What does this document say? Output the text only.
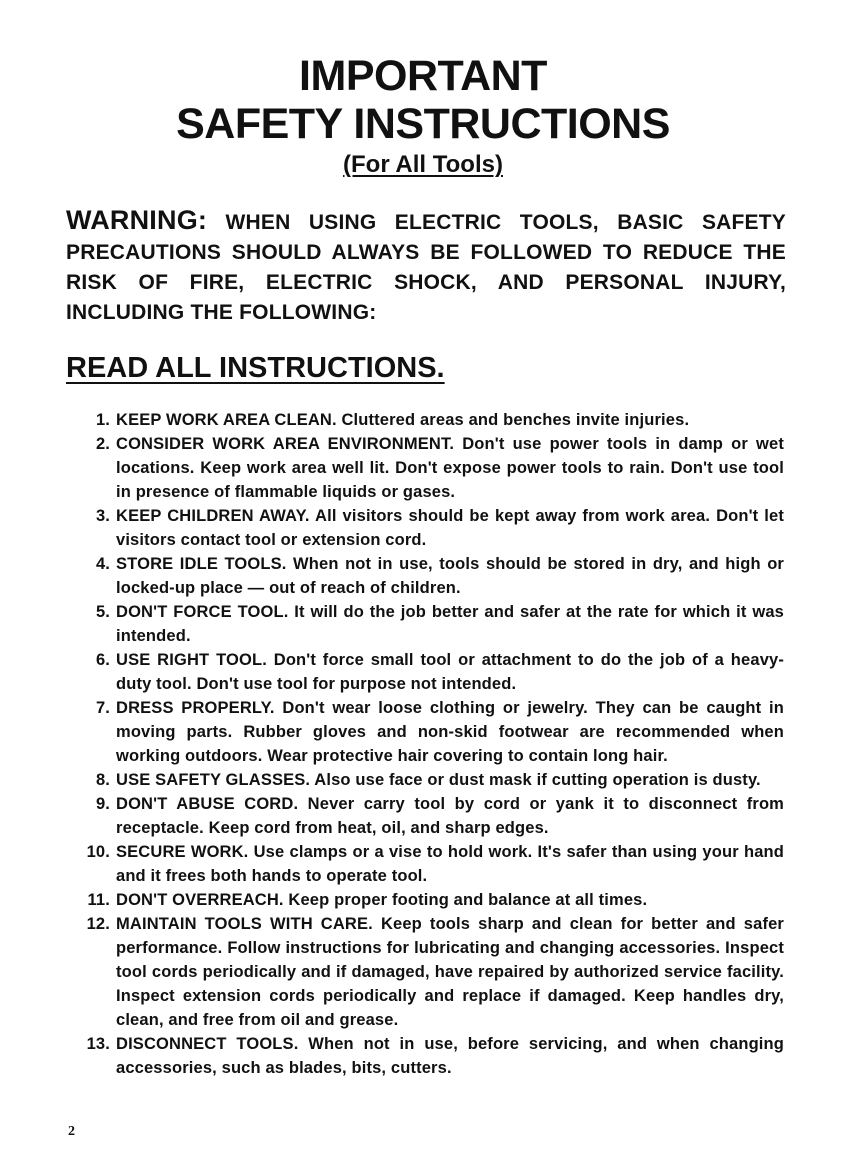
IMPORTANT
SAFETY INSTRUCTIONS
(For All Tools)
WARNING: WHEN USING ELECTRIC TOOLS, BASIC SAFETY PRECAUTIONS SHOULD ALWAYS BE FOLLOWED TO REDUCE THE RISK OF FIRE, ELECTRIC SHOCK, AND PERSONAL INJURY, INCLUDING THE FOLLOWING:
READ ALL INSTRUCTIONS.
1. KEEP WORK AREA CLEAN. Cluttered areas and benches invite injuries.
2. CONSIDER WORK AREA ENVIRONMENT. Don't use power tools in damp or wet locations. Keep work area well lit. Don't expose power tools to rain. Don't use tool in presence of flammable liquids or gases.
3. KEEP CHILDREN AWAY. All visitors should be kept away from work area. Don't let visitors contact tool or extension cord.
4. STORE IDLE TOOLS. When not in use, tools should be stored in dry, and high or locked-up place — out of reach of children.
5. DON'T FORCE TOOL. It will do the job better and safer at the rate for which it was intended.
6. USE RIGHT TOOL. Don't force small tool or attachment to do the job of a heavy-duty tool. Don't use tool for purpose not intended.
7. DRESS PROPERLY. Don't wear loose clothing or jewelry. They can be caught in moving parts. Rubber gloves and non-skid footwear are recommended when working outdoors. Wear protective hair covering to contain long hair.
8. USE SAFETY GLASSES. Also use face or dust mask if cutting operation is dusty.
9. DON'T ABUSE CORD. Never carry tool by cord or yank it to disconnect from receptacle. Keep cord from heat, oil, and sharp edges.
10. SECURE WORK. Use clamps or a vise to hold work. It's safer than using your hand and it frees both hands to operate tool.
11. DON'T OVERREACH. Keep proper footing and balance at all times.
12. MAINTAIN TOOLS WITH CARE. Keep tools sharp and clean for better and safer performance. Follow instructions for lubricating and changing accessories. Inspect tool cords periodically and if damaged, have repaired by authorized service facility. Inspect extension cords periodically and replace if damaged. Keep handles dry, clean, and free from oil and grease.
13. DISCONNECT TOOLS. When not in use, before servicing, and when changing accessories, such as blades, bits, cutters.
2
